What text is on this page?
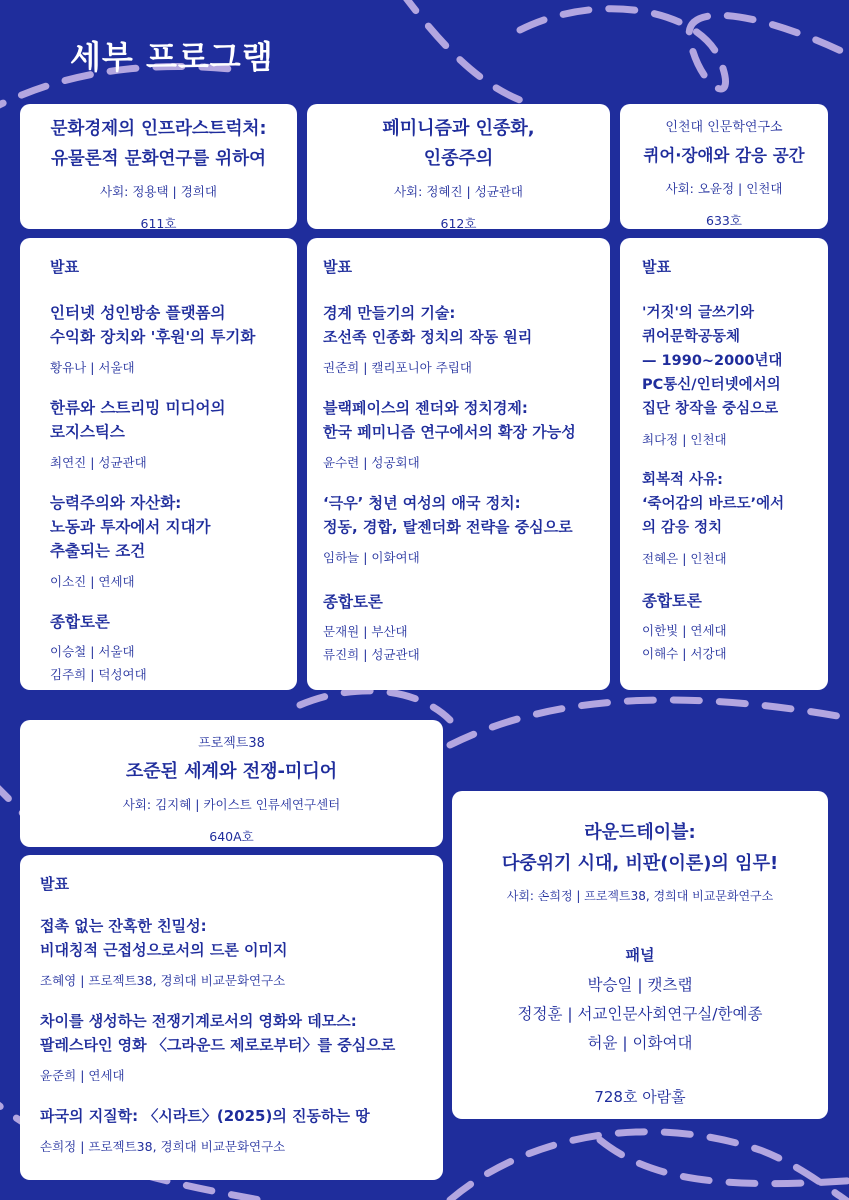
세부 프로그램
문화경제의 인프라스트럭처:
유물론적 문화연구를 위하여
사회: 정용택 | 경희대
611호
발표
인터넷 성인방송 플랫폼의
수익화 장치와 '후원'의 투기화
황유나 | 서울대
한류와 스트리밍 미디어의
로지스틱스
최연진 | 성균관대
능력주의와 자산화:
노동과 투자에서 지대가
추출되는 조건
이소진 | 연세대
종합토론
이승철 | 서울대
김주희 | 덕성여대
페미니즘과 인종화,
인종주의
사회: 정혜진 | 성균관대
612호
발표
경계 만들기의 기술:
조선족 인종화 정치의 작동 원리
권준희 | 캘리포니아 주립대
블랙페이스의 젠더와 정치경제:
한국 페미니즘 연구에서의 확장 가능성
윤수련 | 성공회대
‘극우’ 청년 여성의 애국 정치:
정동, 경합, 탈젠더화 전략을 중심으로
임하늘 | 이화여대
종합토론
문재원 | 부산대
류진희 | 성균관대
인천대 인문학연구소
퀴어·장애와 감응 공간
사회: 오윤정 | 인천대
633호
발표
'거짓'의 글쓰기와
퀴어문학공동체
— 1990~2000년대
PC통신/인터넷에서의
집단 창작을 중심으로
최다정 | 인천대
회복적 사유:
‘죽어감의 바르도’에서
의 감응 정치
전혜은 | 인천대
종합토론
이한빛 | 연세대
이해수 | 서강대
프로젝트38
조준된 세계와 전쟁-미디어
사회: 김지혜 | 카이스트 인류세연구센터
640A호
발표
접촉 없는 잔혹한 친밀성:
비대칭적 근접성으로서의 드론 이미지
조혜영 | 프로젝트38, 경희대 비교문화연구소
차이를 생성하는 전쟁기계로서의 영화와 데모스:
팔레스타인 영화 〈그라운드 제로로부터〉를 중심으로
윤준희 | 연세대
파국의 지질학: 〈시라트〉(2025)의 진동하는 땅
손희정 | 프로젝트38, 경희대 비교문화연구소
라운드테이블:
다중위기 시대, 비판(이론)의 임무!
사회: 손희정 | 프로젝트38, 경희대 비교문화연구소
패널
박승일 | 캣츠랩
정정훈 | 서교인문사회연구실/한예종
허윤 | 이화여대
728호 아람홀
